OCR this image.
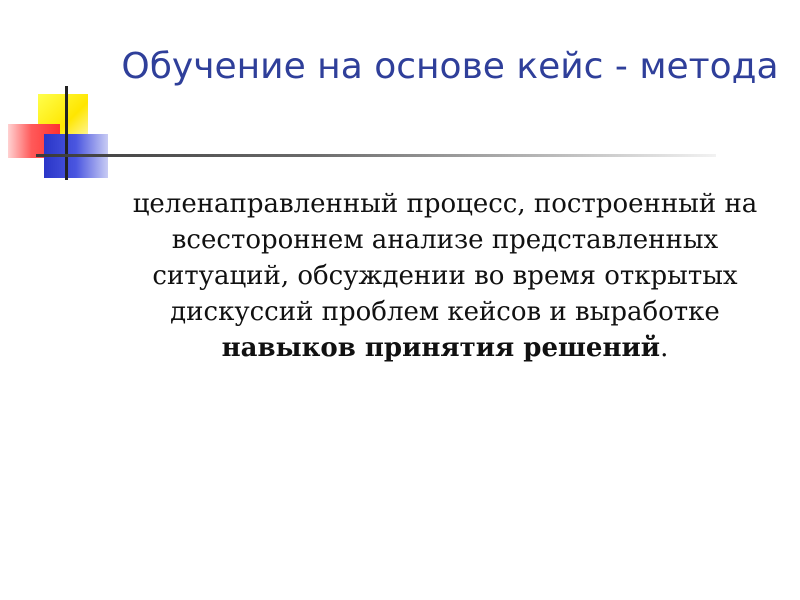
Обучение на основе кейс - метода

целенаправленный процесс, построенный на всестороннем анализе представленных ситуаций, обсуждении во время открытых дискуссий проблем кейсов и выработке навыков принятия решений.
